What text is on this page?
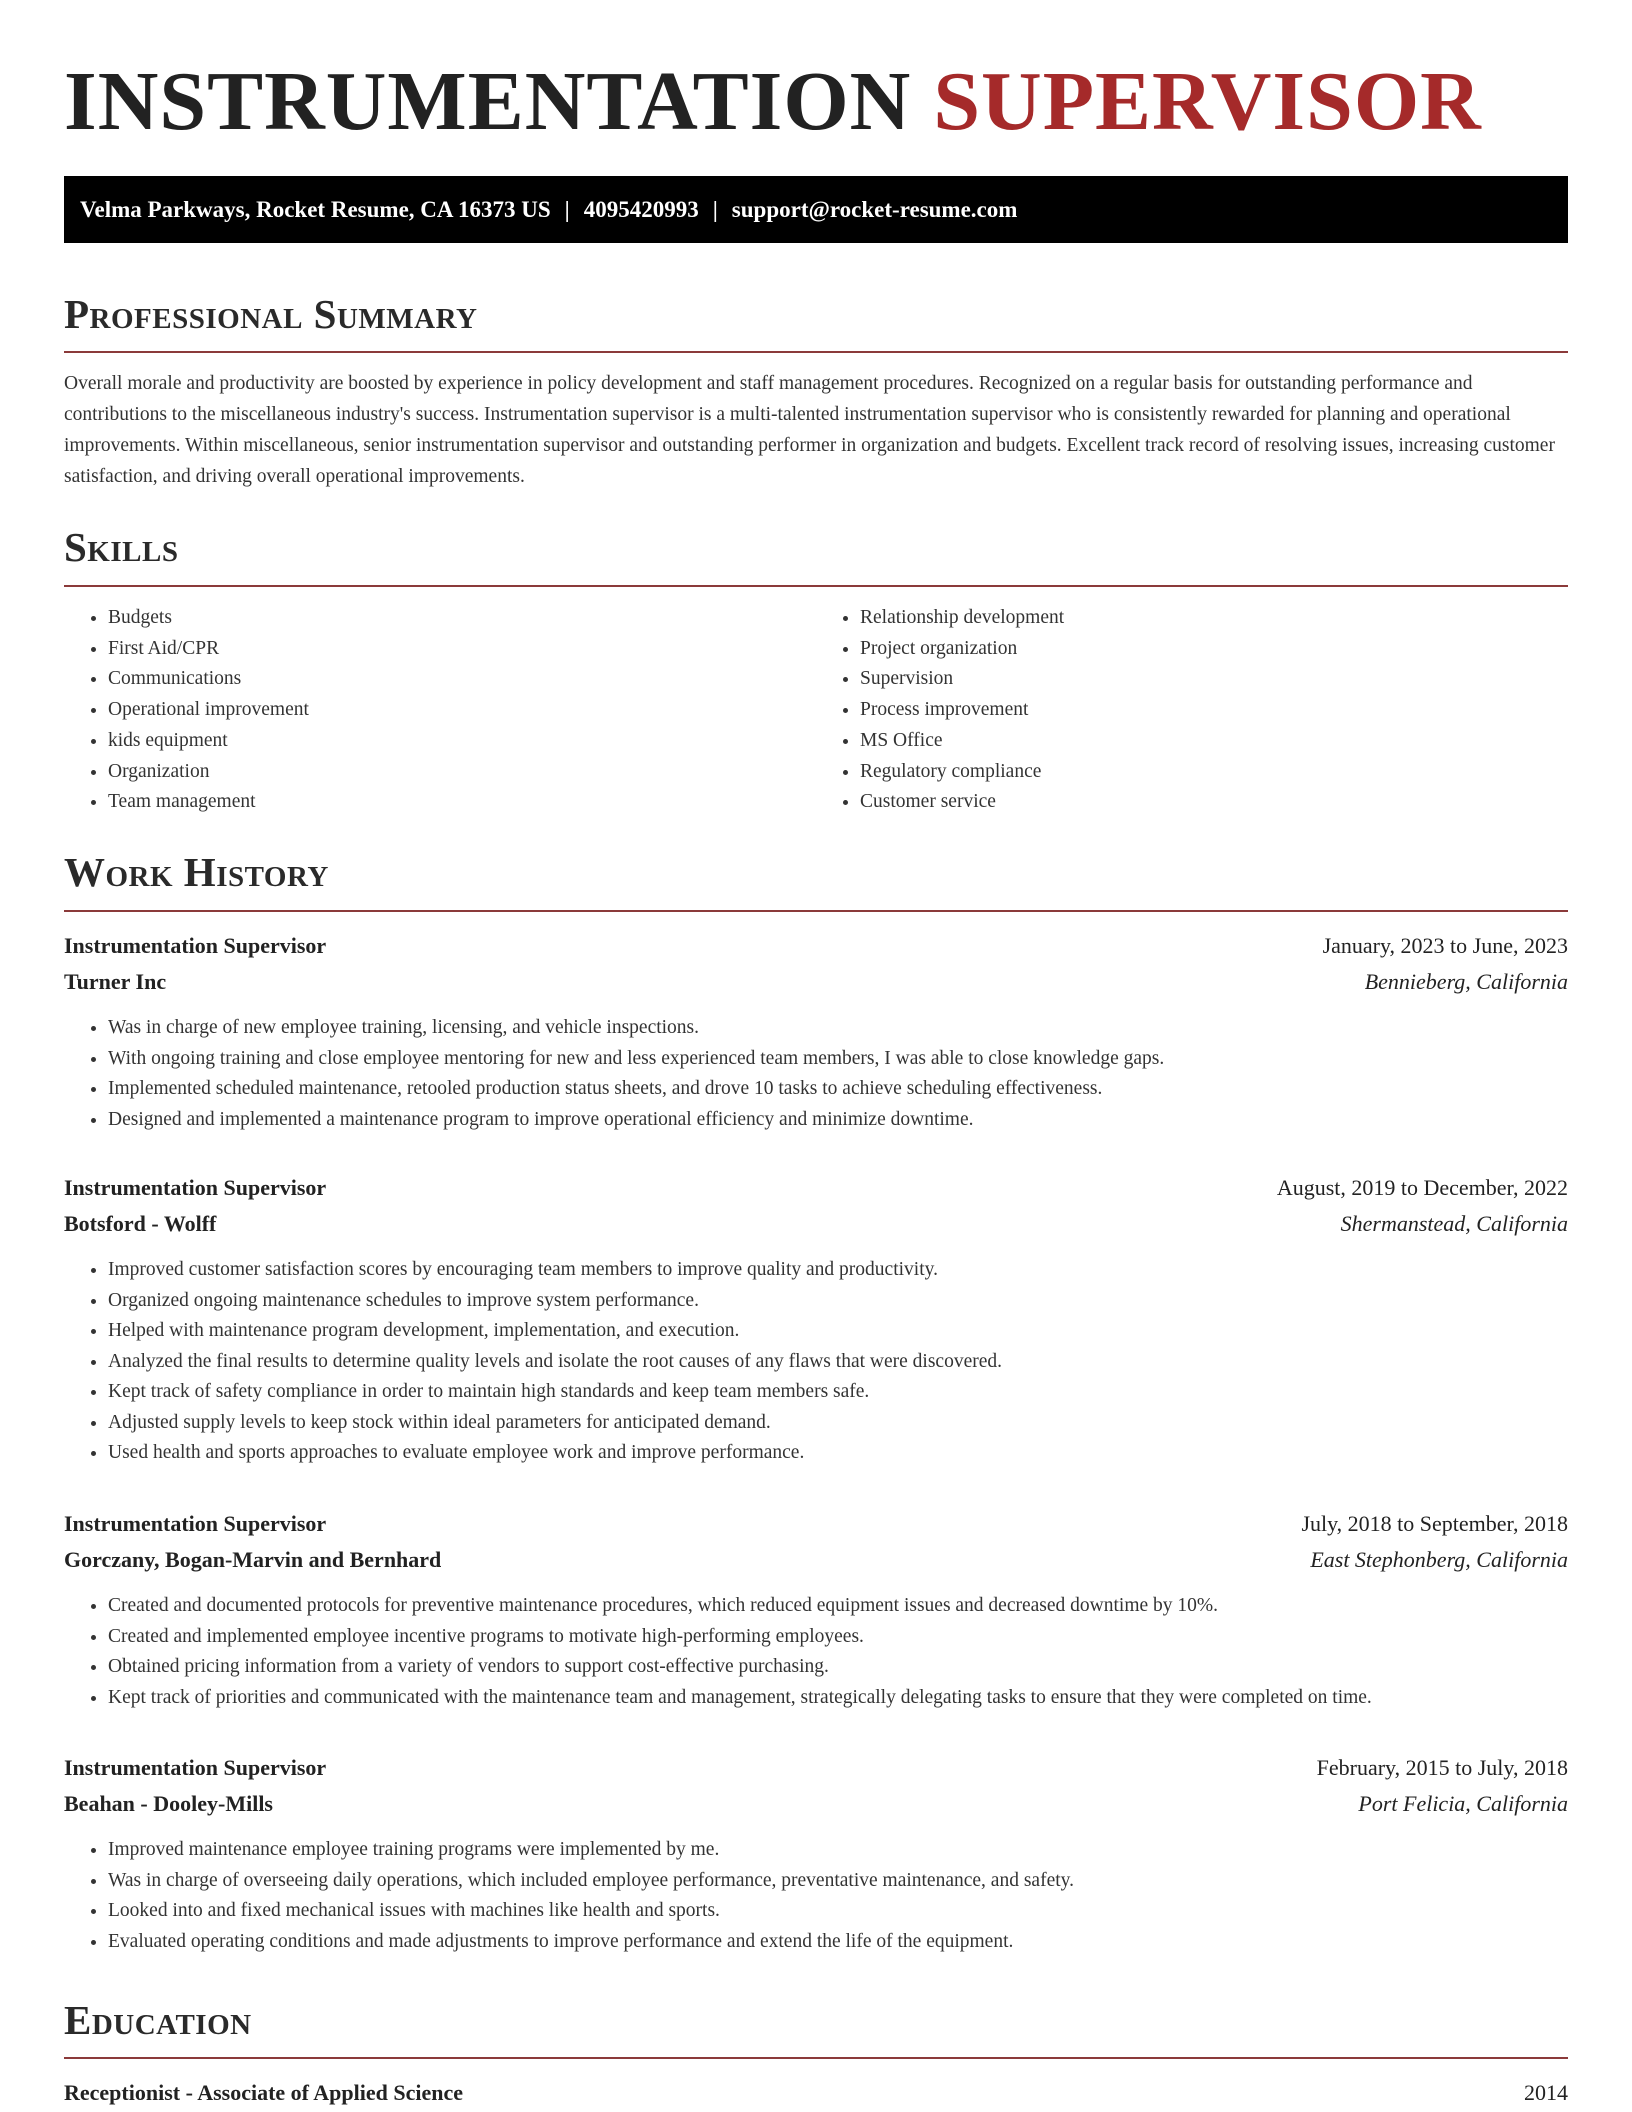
INSTRUMENTATION SUPERVISOR
Velma Parkways, Rocket Resume, CA 16373 US | 4095420993 | support@rocket-resume.com
Professional Summary

Overall morale and productivity are boosted by experience in policy development and staff management procedures. Recognized on a regular basis for outstanding performance and contributions to the miscellaneous industry's success. Instrumentation supervisor is a multi-talented instrumentation supervisor who is consistently rewarded for planning and operational improvements. Within miscellaneous, senior instrumentation supervisor and outstanding performer in organization and budgets. Excellent track record of resolving issues, increasing customer satisfaction, and driving overall operational improvements.

Skills
• Budgets
• First Aid/CPR
• Communications
• Operational improvement
• kids equipment
• Organization
• Team management
• Relationship development
• Project organization
• Supervision
• Process improvement
• MS Office
• Regulatory compliance
• Customer service
Work History
Instrumentation Supervisor	January, 2023 to June, 2023
Turner Inc	Bennieberg, California
• Was in charge of new employee training, licensing, and vehicle inspections.
• With ongoing training and close employee mentoring for new and less experienced team members, I was able to close knowledge gaps.
• Implemented scheduled maintenance, retooled production status sheets, and drove 10 tasks to achieve scheduling effectiveness.
• Designed and implemented a maintenance program to improve operational efficiency and minimize downtime.
Instrumentation Supervisor	August, 2019 to December, 2022
Botsford - Wolff	Shermanstead, California
• Improved customer satisfaction scores by encouraging team members to improve quality and productivity.
• Organized ongoing maintenance schedules to improve system performance.
• Helped with maintenance program development, implementation, and execution.
• Analyzed the final results to determine quality levels and isolate the root causes of any flaws that were discovered.
• Kept track of safety compliance in order to maintain high standards and keep team members safe.
• Adjusted supply levels to keep stock within ideal parameters for anticipated demand.
• Used health and sports approaches to evaluate employee work and improve performance.
Instrumentation Supervisor	July, 2018 to September, 2018
Gorczany, Bogan-Marvin and Bernhard	East Stephonberg, California
• Created and documented protocols for preventive maintenance procedures, which reduced equipment issues and decreased downtime by 10%.
• Created and implemented employee incentive programs to motivate high-performing employees.
• Obtained pricing information from a variety of vendors to support cost-effective purchasing.
• Kept track of priorities and communicated with the maintenance team and management, strategically delegating tasks to ensure that they were completed on time.
Instrumentation Supervisor	February, 2015 to July, 2018
Beahan - Dooley-Mills	Port Felicia, California
• Improved maintenance employee training programs were implemented by me.
• Was in charge of overseeing daily operations, which included employee performance, preventative maintenance, and safety.
• Looked into and fixed mechanical issues with machines like health and sports.
• Evaluated operating conditions and made adjustments to improve performance and extend the life of the equipment.
Education
Receptionist - Associate of Applied Science	2014
